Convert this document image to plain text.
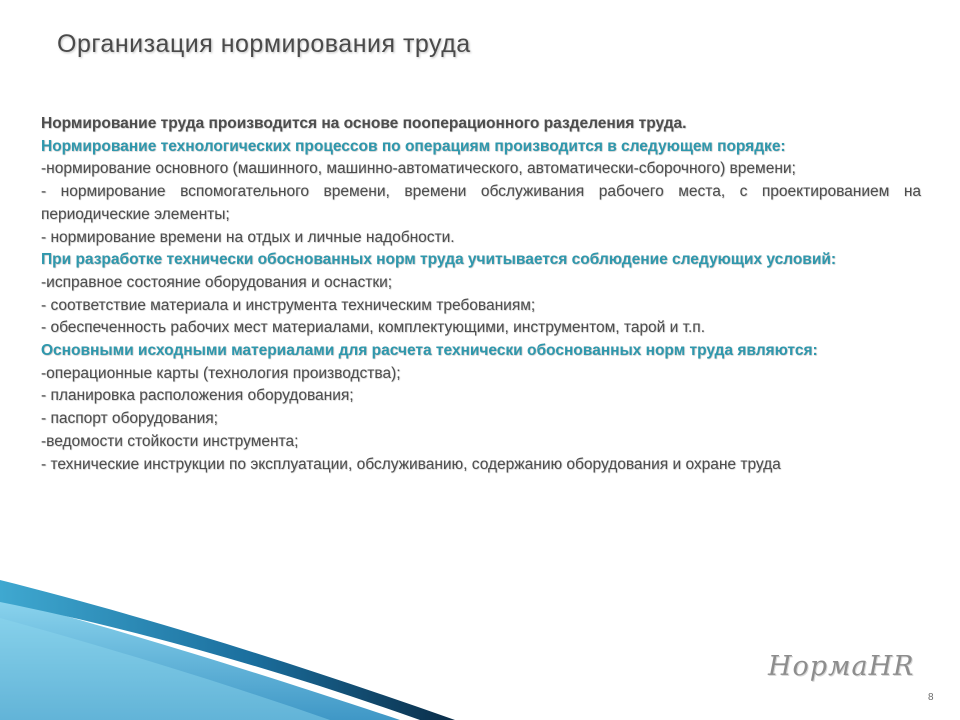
Организация нормирования труда

Нормирование труда производится на основе пооперационного разделения труда.

Нормирование технологических процессов по операциям производится в следующем порядке:

-нормирование основного (машинного, машинно-автоматического, автоматически-сборочного) времени;

- нормирование вспомогательного времени, времени обслуживания рабочего места, с проектированием на периодические элементы;

- нормирование времени на отдых и личные надобности.

При разработке технически обоснованных норм труда учитывается соблюдение следующих условий:

-исправное состояние оборудования и оснастки;

- соответствие материала и инструмента техническим требованиям;

- обеспеченность рабочих мест материалами, комплектующими, инструментом, тарой и т.п.

Основными исходными материалами для расчета технически обоснованных норм труда являются:

-операционные карты (технология производства);

- планировка расположения оборудования;

- паспорт оборудования;

-ведомости стойкости инструмента;

- технические инструкции по эксплуатации, обслуживанию, содержанию оборудования и охране труда

НормаHR
8
